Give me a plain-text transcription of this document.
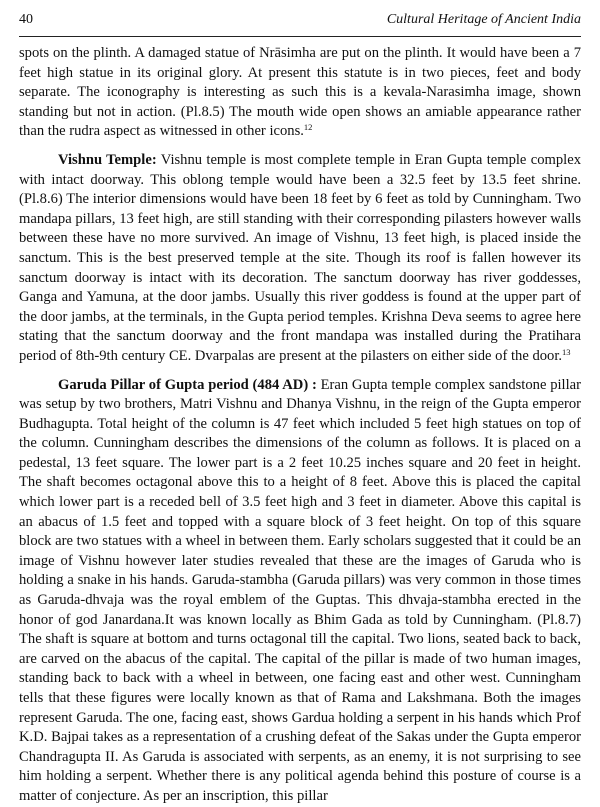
40	Cultural Heritage of Ancient India

spots on the plinth. A damaged statue of Nrāsimha are put on the plinth. It would have been a 7 feet high statue in its original glory. At present this statute is in two pieces, feet and body separate. The iconography is interesting as such this is a kevala-Narasimha image, shown standing but not in action. (Pl.8.5) The mouth wide open shows an amiable appearance rather than the rudra aspect as witnessed in other icons.$^{12}$

Vishnu Temple: Vishnu temple is most complete temple in Eran Gupta temple complex with intact doorway. This oblong temple would have been a 32.5 feet by 13.5 feet shrine. (Pl.8.6) The interior dimensions would have been 18 feet by 6 feet as told by Cunningham. Two mandapa pillars, 13 feet high, are still standing with their corresponding pilasters however walls between these have no more survived. An image of Vishnu, 13 feet high, is placed inside the sanctum. This is the best preserved temple at the site. Though its roof is fallen however its sanctum doorway is intact with its decoration. The sanctum doorway has river goddesses, Ganga and Yamuna, at the door jambs. Usually this river goddess is found at the upper part of the door jambs, at the terminals, in the Gupta period temples. Krishna Deva seems to agree here stating that the sanctum doorway and the front mandapa was installed during the Pratihara period of 8th-9th century CE. Dvarpalas are present at the pilasters on either side of the door.$^{13}$

Garuda Pillar of Gupta period (484 AD) : Eran Gupta temple complex sandstone pillar was setup by two brothers, Matri Vishnu and Dhanya Vishnu, in the reign of the Gupta emperor Budhagupta. Total height of the column is 47 feet which included 5 feet high statues on top of the column. Cunningham describes the dimensions of the column as follows. It is placed on a pedestal, 13 feet square. The lower part is a 2 feet 10.25 inches square and 20 feet in height. The shaft becomes octagonal above this to a height of 8 feet. Above this is placed the capital which lower part is a receded bell of 3.5 feet high and 3 feet in diameter. Above this capital is an abacus of 1.5 feet and topped with a square block of 3 feet height. On top of this square block are two statues with a wheel in between them. Early scholars suggested that it could be an image of Vishnu however later studies revealed that these are the images of Garuda who is holding a snake in his hands. Garuda-stambha (Garuda pillars) was very common in those times as Garuda-dhvaja was the royal emblem of the Guptas. This dhvaja-stambha erected in the honor of god Janardana.It was known locally as Bhim Gada as told by Cunningham. (Pl.8.7) The shaft is square at bottom and turns octagonal till the capital. Two lions, seated back to back, are carved on the abacus of the capital. The capital of the pillar is made of two human images, standing back to back with a wheel in between, one facing east and other west. Cunningham tells that these figures were locally known as that of Rama and Lakshmana. Both the images represent Garuda. The one, facing east, shows Gardua holding a serpent in his hands which Prof K.D. Bajpai takes as a representation of a crushing defeat of the Sakas under the Gupta emperor Chandragupta II. As Garuda is associated with serpents, as an enemy, it is not surprising to see him holding a serpent. Whether there is any political agenda behind this posture of course is a matter of conjecture. As per an inscription, this pillar
